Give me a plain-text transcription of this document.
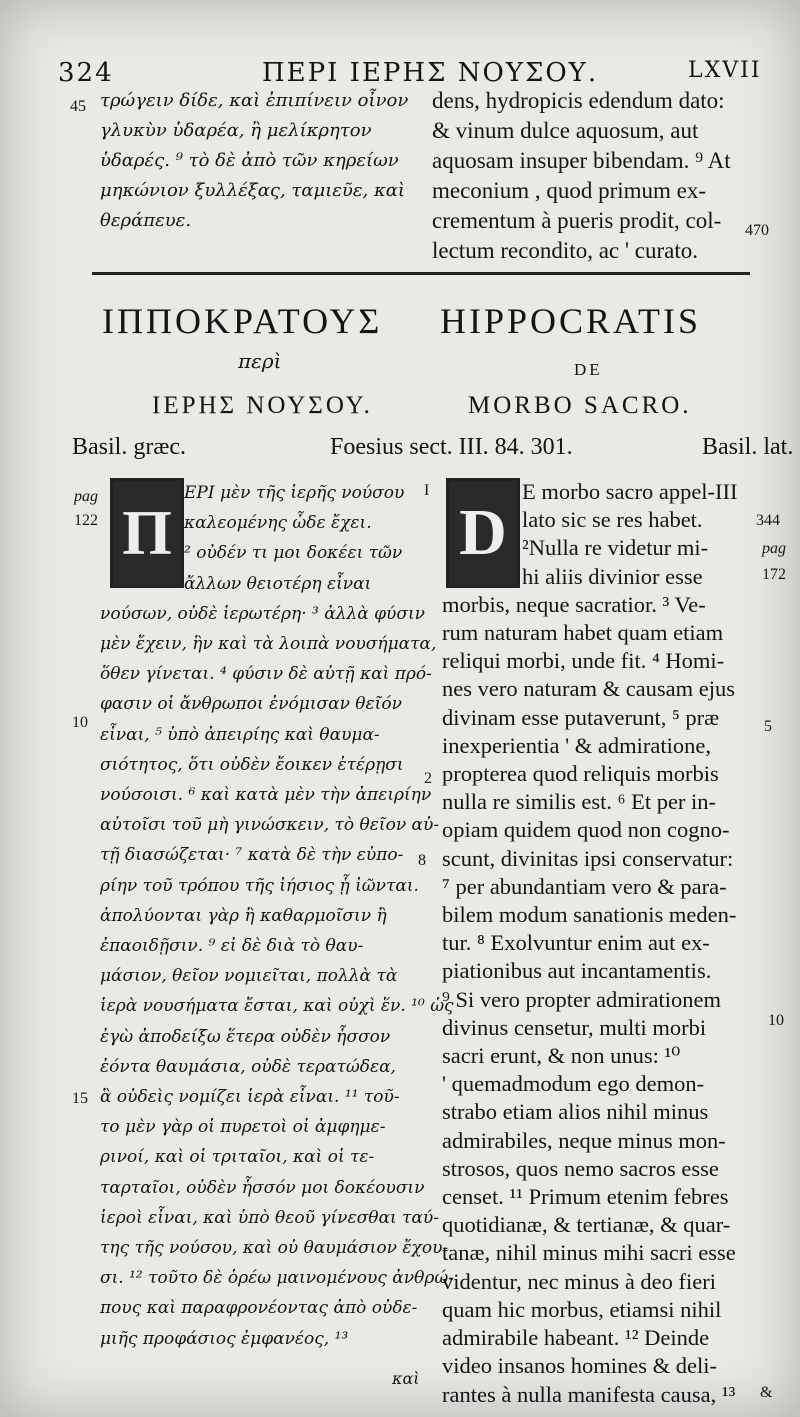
324	ΠΕΡΙ ΙΕΡΗΣ ΝΟΥΣΟΥ.	LXVII
45 τρώγειν δίδε, καὶ ἐπιπίνειν οἶνον
γλυκὺν ὑδαρέα, ἢ μελίκρητον
ὑδαρές. ⁹ τὸ δὲ ἀπὸ τῶν κηρείων
μηκώνιον ξυλλέξας, ταμιεῦε, καὶ
θεράπευε.
dens, hydropicis edendum dato:
& vinum dulce aquosum, aut
aquosam insuper bibendam. ⁹ At
meconium , quod primum ex-
crementum à pueris prodit, col-
lectum recondito, ac ' curato.
470
ΙΠΠΟΚΡΑΤΟΥΣ
περὶ
ΙΕΡΗΣ ΝΟΥΣΟΥ.
HIPPOCRATIS
DE
MORBO SACRO.
Basil. græc.	Foesius sect. III. 84. 301.	Basil. lat.
pag
122 Π
I
2
10
15
8
ΕΡΙ μὲν τῆς ἱερῆς νούσου
καλεομένης ὧδε ἔχει.
² οὐδέν τι μοι δοκέει τῶν
ἄλλων θειοτέρη εἶναι
νούσων, οὐδὲ ἱερωτέρη· ³ ἀλλὰ φύσιν
μὲν ἔχειν, ἣν καὶ τὰ λοιπὰ νουσήματα,
ὅθεν γίνεται. ⁴ φύσιν δὲ αὐτῇ καὶ πρό-
φασιν οἱ ἄνθρωποι ἐνόμισαν θεῖόν
εἶναι, ⁵ ὑπὸ ἀπειρίης καὶ θαυμα-
σιότητος, ὅτι οὐδὲν ἔοικεν ἑτέρῃσι
νούσοισι. ⁶ καὶ κατὰ μὲν τὴν ἀπειρίην
αὐτοῖσι τοῦ μὴ γινώσκειν, τὸ θεῖον αὐ-
τῇ διασώζεται· ⁷ κατὰ δὲ τὴν εὐπο-
ρίην τοῦ τρόπου τῆς ἰήσιος ᾗ ἰῶνται.
ἀπολύονται γὰρ ἢ καθαρμοῖσιν ἢ
ἐπαοιδῇσιν. ⁹ εἰ δὲ διὰ τὸ θαυ-
μάσιον, θεῖον νομιεῖται, πολλὰ τὰ
ἱερὰ νουσήματα ἔσται, καὶ οὐχὶ ἕν. ¹⁰ ὡς
ἐγὼ ἀποδείξω ἕτερα οὐδὲν ἧσσον
ἐόντα θαυμάσια, οὐδὲ τερατώδεα,
ἃ οὐδεὶς νομίζει ἱερὰ εἶναι. ¹¹ τοῦ-
το μὲν γὰρ οἱ πυρετοὶ οἱ ἀμφημε-
ρινοί, καὶ οἱ τριταῖοι, καὶ οἱ τε-
ταρταῖοι, οὐδὲν ἧσσόν μοι δοκέουσιν
ἱεροὶ εἶναι, καὶ ὑπὸ θεοῦ γίνεσθαι ταύ-
της τῆς νούσου, καὶ οὐ θαυμάσιον ἔχου-
σι. ¹² τοῦτο δὲ ὁρέω μαινομένους ἀνθρώ-
πους καὶ παραφρονέοντας ἀπὸ οὐδε-
μιῆς προφάσιος ἐμφανέος, ¹³
καὶ
D
E morbo sacro appel-III
lato sic se res habet.
²Nulla re videtur mi-
hi aliis divinior esse
morbis, neque sacratior. ³ Ve-
rum naturam habet quam etiam
reliqui morbi, unde fit. ⁴ Homi-
nes vero naturam & causam ejus
divinam esse putaverunt, ⁵ præ
inexperientia ' & admiratione,
propterea quod reliquis morbis
nulla re similis est. ⁶ Et per in-
opiam quidem quod non cogno-
scunt, divinitas ipsi conservatur:
⁷ per abundantiam vero & para-
bilem modum sanationis meden-
tur. ⁸ Exolvuntur enim aut ex-
piationibus aut incantamentis.
⁹ Si vero propter admirationem
divinus censetur, multi morbi
sacri erunt, & non unus: ¹⁰
' quemadmodum ego demon-
strabo etiam alios nihil minus
admirabiles, neque minus mon-
strosos, quos nemo sacros esse
censet. ¹¹ Primum etenim febres
quotidianæ, & tertianæ, & quar-
tanæ, nihil minus mihi sacri esse
videntur, nec minus à deo fieri
quam hic morbus, etiamsi nihil
admirabile habeant. ¹² Deinde
video insanos homines & deli-
rantes à nulla manifesta causa, ¹³
344
pag
172
5
10
&
